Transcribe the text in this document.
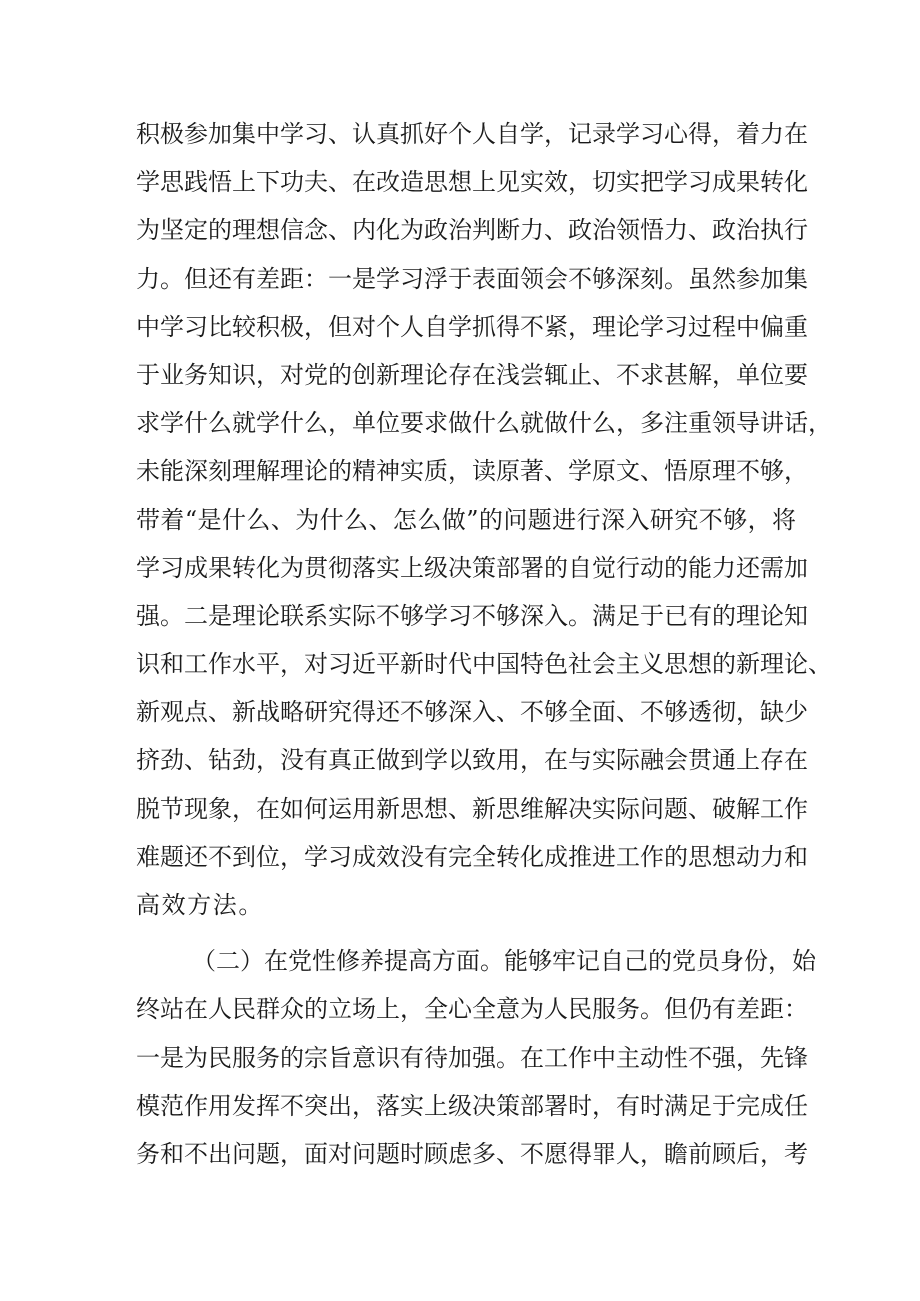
积极参加集中学习、认真抓好个人自学，记录学习心得，着力在
学思践悟上下功夫、在改造思想上见实效，切实把学习成果转化
为坚定的理想信念、内化为政治判断力、政治领悟力、政治执行
力。但还有差距：一是学习浮于表面领会不够深刻。虽然参加集
中学习比较积极，但对个人自学抓得不紧，理论学习过程中偏重
于业务知识，对党的创新理论存在浅尝辄止、不求甚解，单位要
求学什么就学什么，单位要求做什么就做什么，多注重领导讲话，
未能深刻理解理论的精神实质，读原著、学原文、悟原理不够，
带着“是什么、为什么、怎么做”的问题进行深入研究不够，将
学习成果转化为贯彻落实上级决策部署的自觉行动的能力还需加
强。二是理论联系实际不够学习不够深入。满足于已有的理论知
识和工作水平，对习近平新时代中国特色社会主义思想的新理论、
新观点、新战略研究得还不够深入、不够全面、不够透彻，缺少
挤劲、钻劲，没有真正做到学以致用，在与实际融会贯通上存在
脱节现象，在如何运用新思想、新思维解决实际问题、破解工作
难题还不到位，学习成效没有完全转化成推进工作的思想动力和
高效方法。
（二）在党性修养提高方面。能够牢记自己的党员身份，始
终站在人民群众的立场上，全心全意为人民服务。但仍有差距：
一是为民服务的宗旨意识有待加强。在工作中主动性不强，先锋
模范作用发挥不突出，落实上级决策部署时，有时满足于完成任
务和不出问题，面对问题时顾虑多、不愿得罪人，瞻前顾后，考
